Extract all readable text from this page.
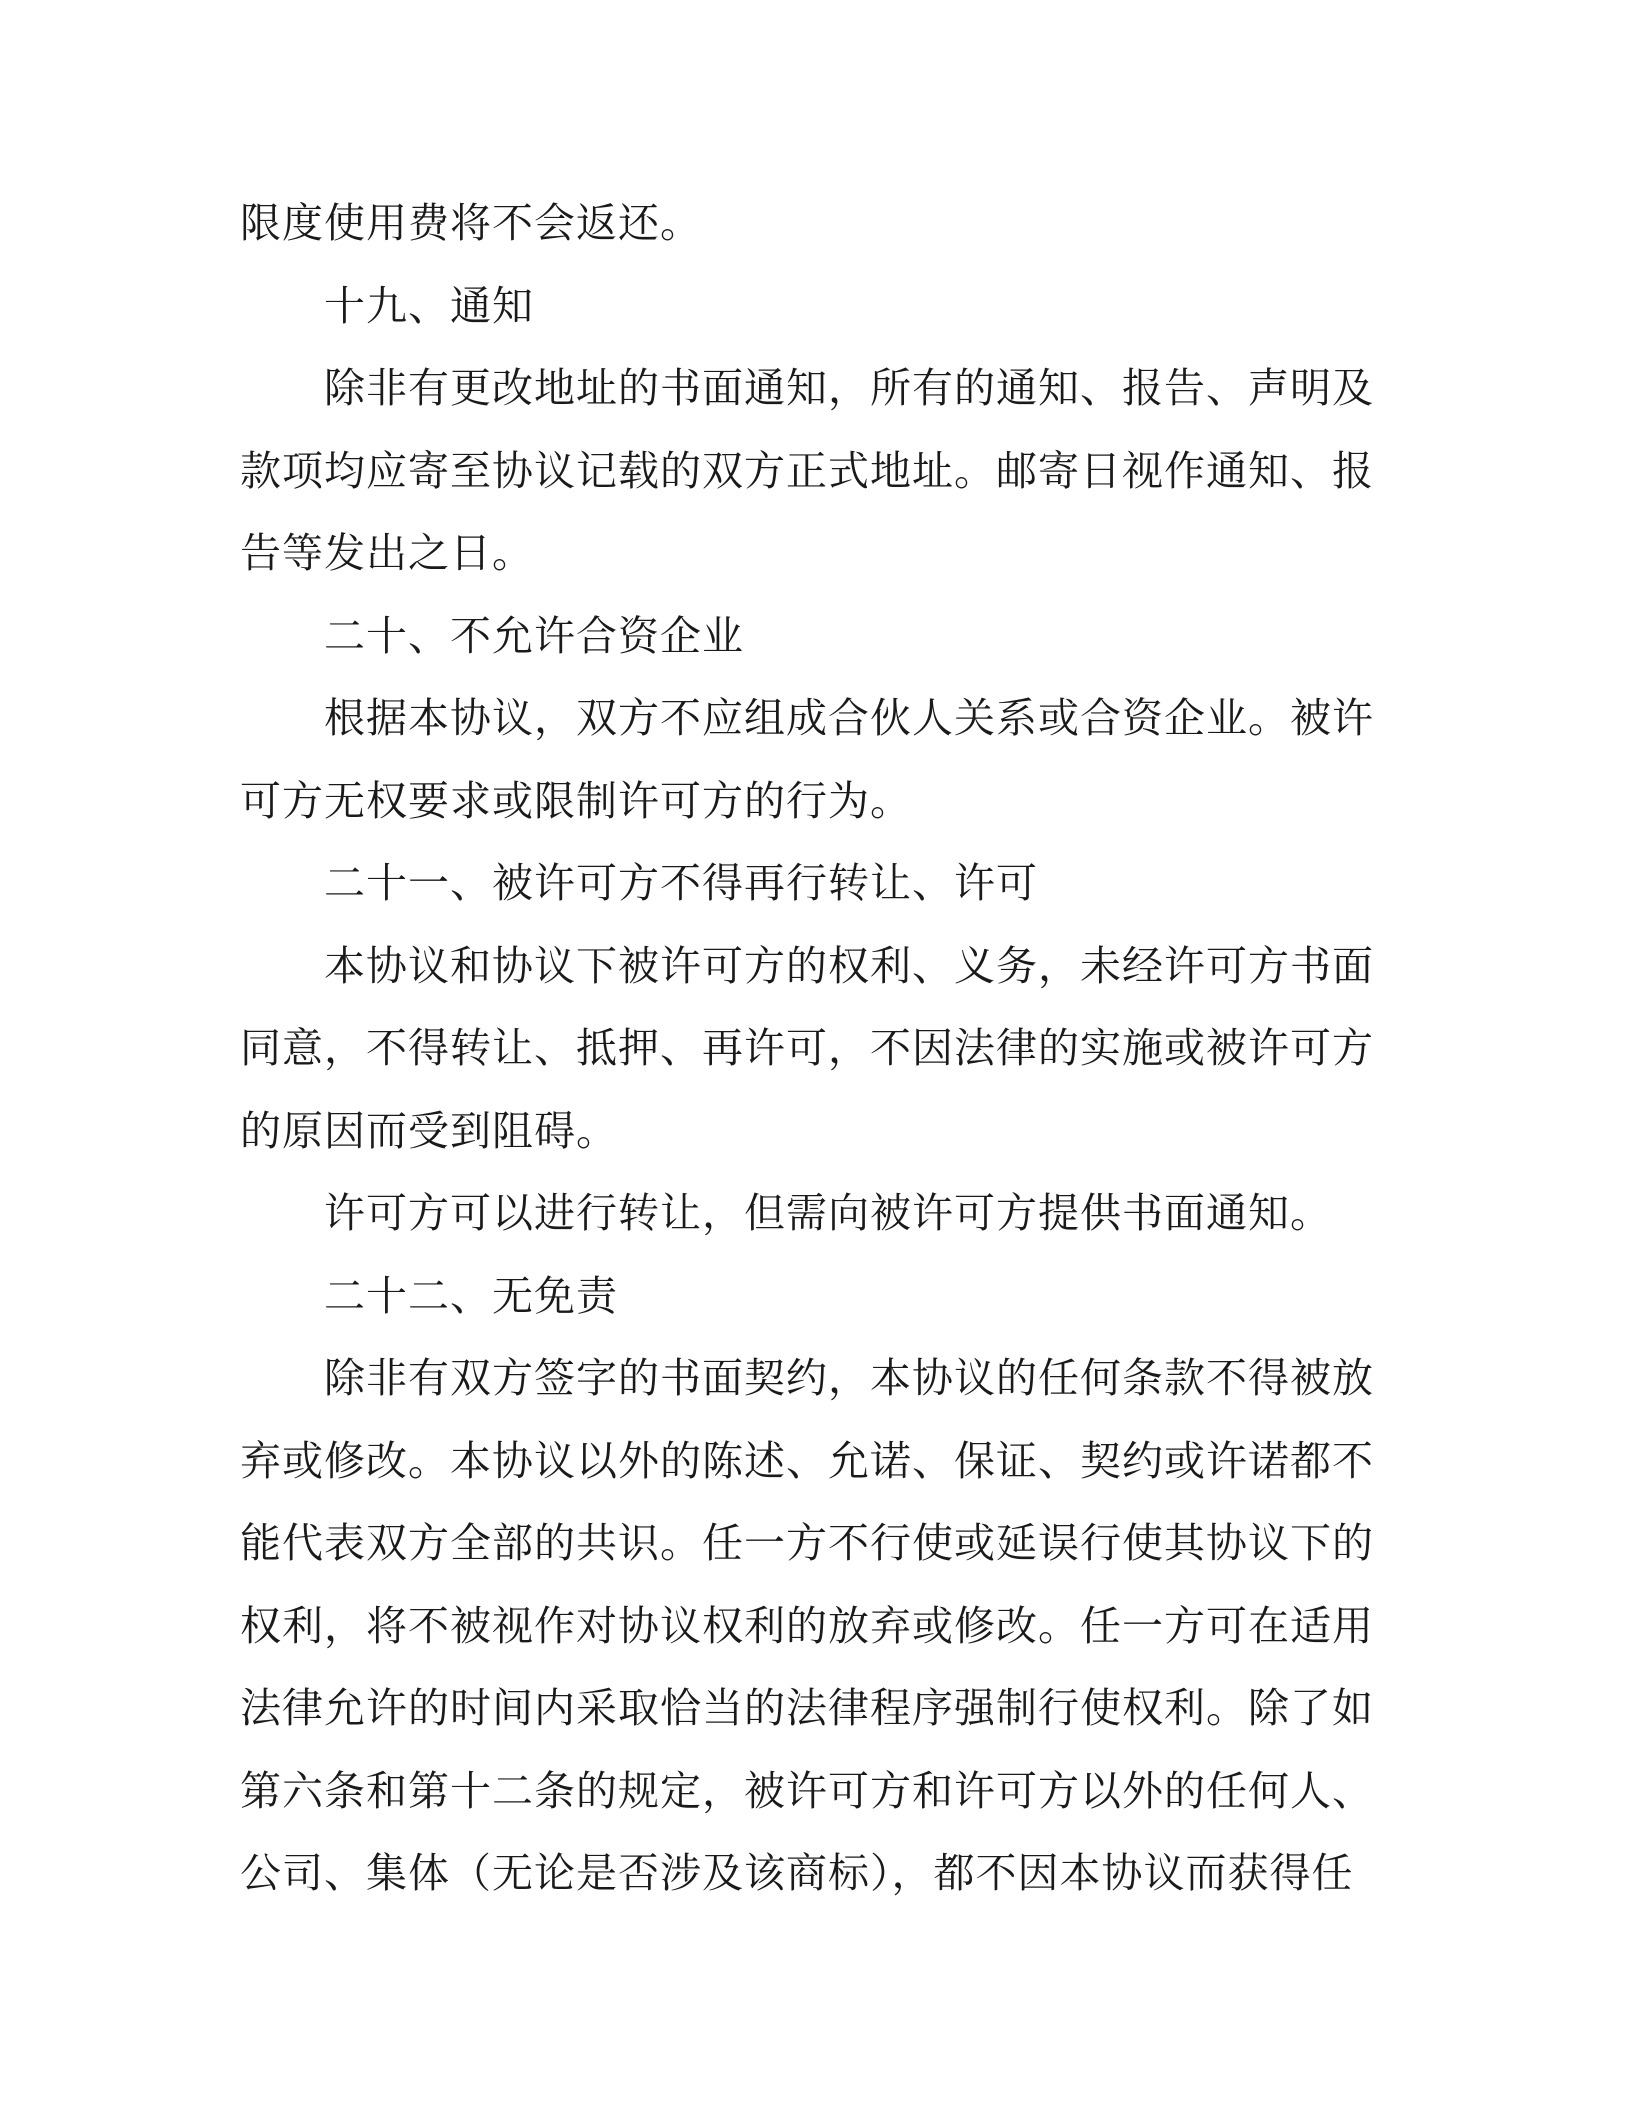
限度使用费将不会返还。
十九、通知
除非有更改地址的书面通知，所有的通知、报告、声明及
款项均应寄至协议记载的双方正式地址。邮寄日视作通知、报
告等发出之日。
二十、不允许合资企业
根据本协议，双方不应组成合伙人关系或合资企业。被许
可方无权要求或限制许可方的行为。
二十一、被许可方不得再行转让、许可
本协议和协议下被许可方的权利、义务，未经许可方书面
同意，不得转让、抵押、再许可，不因法律的实施或被许可方
的原因而受到阻碍。
许可方可以进行转让，但需向被许可方提供书面通知。
二十二、无免责
除非有双方签字的书面契约，本协议的任何条款不得被放
弃或修改。本协议以外的陈述、允诺、保证、契约或许诺都不
能代表双方全部的共识。任一方不行使或延误行使其协议下的
权利，将不被视作对协议权利的放弃或修改。任一方可在适用
法律允许的时间内采取恰当的法律程序强制行使权利。除了如
第六条和第十二条的规定，被许可方和许可方以外的任何人、
公司、集体（无论是否涉及该商标），都不因本协议而获得任
